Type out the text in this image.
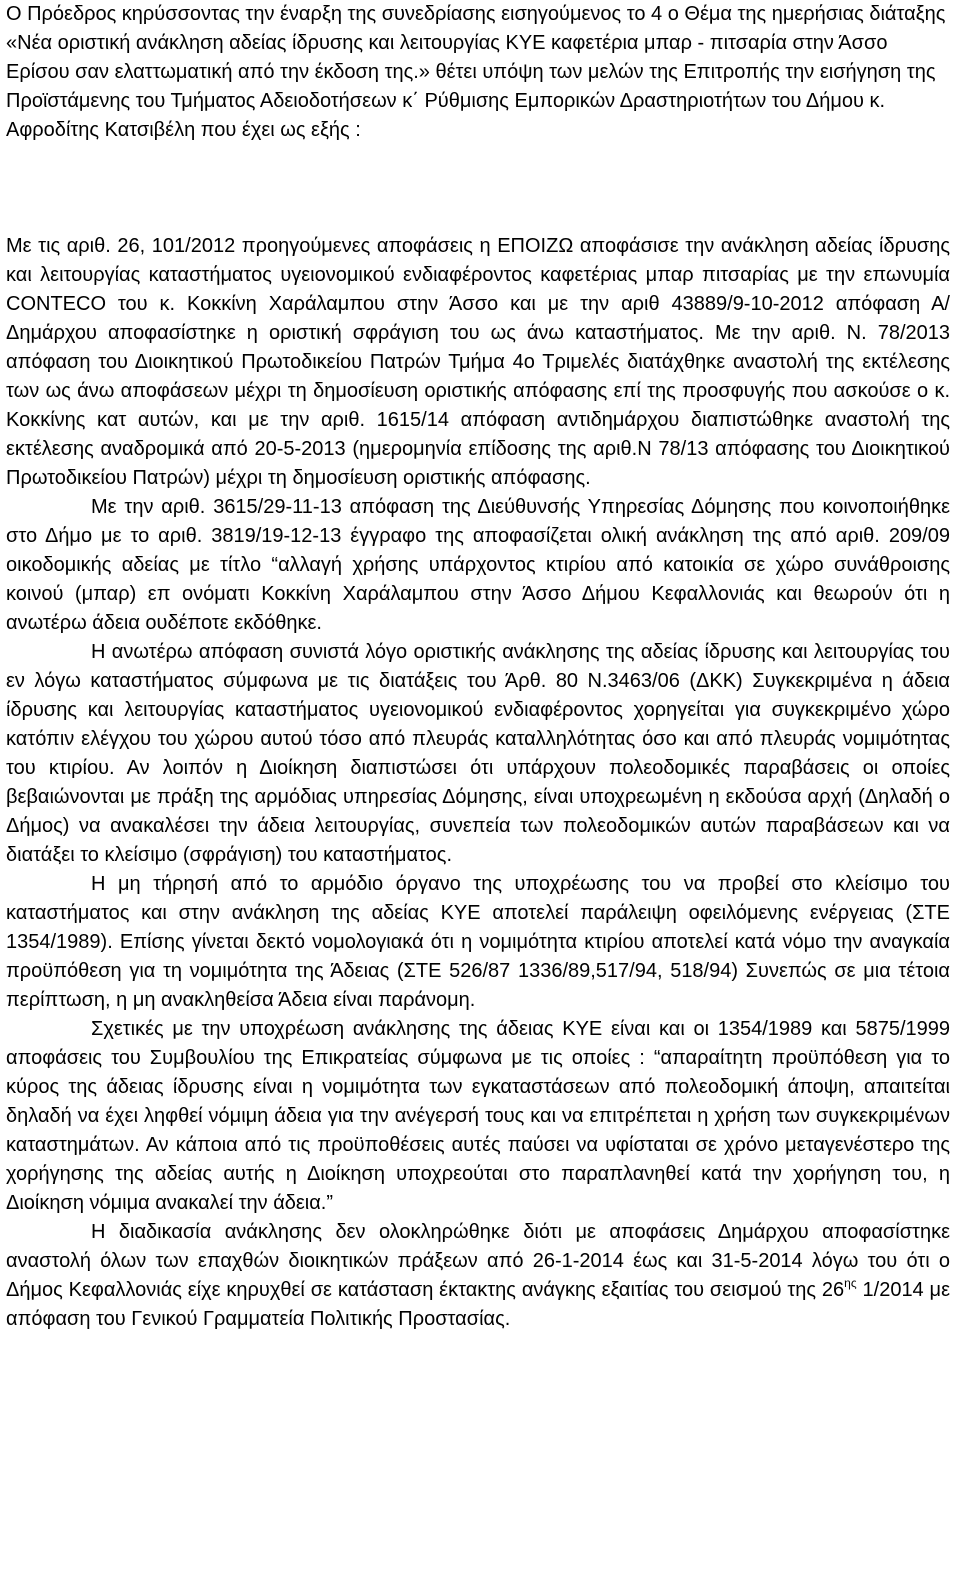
Ο Πρόεδρος κηρύσσοντας την έναρξη της συνεδρίασης εισηγούμενος το 4 ο Θέμα της ημερήσιας διάταξης «Νέα οριστική ανάκληση αδείας ίδρυσης και λειτουργίας ΚΥΕ καφετέρια μπαρ - πιτσαρία στην Άσσο Ερίσου σαν ελαττωματική από την έκδοση της.» θέτει υπόψη των μελών της Επιτροπής την εισήγηση της Προϊστάμενης του Τμήματος Αδειοδοτήσεων κ΄ Ρύθμισης Εμπορικών Δραστηριοτήτων του Δήμου κ. Αφροδίτης Κατσιβέλη που έχει ως εξής :

Με τις αριθ. 26, 101/2012 προηγούμενες αποφάσεις η ΕΠΟΙΖΩ αποφάσισε την ανάκληση αδείας ίδρυσης και λειτουργίας καταστήματος υγειονομικού ενδιαφέροντος καφετέριας μπαρ πιτσαρίας με την επωνυμία CONTECO του κ. Κοκκίνη Χαράλαμπου στην Άσσο και με την αριθ 43889/9-10-2012 απόφαση Α/ Δημάρχου αποφασίστηκε η οριστική σφράγιση του ως άνω καταστήματος. Με την αριθ. Ν. 78/2013 απόφαση του Διοικητικού Πρωτοδικείου Πατρών Τμήμα 4ο Τριμελές διατάχθηκε αναστολή της εκτέλεσης των ως άνω αποφάσεων μέχρι τη δημοσίευση οριστικής απόφασης επί της προσφυγής που ασκούσε ο κ. Κοκκίνης κατ αυτών, και με την αριθ. 1615/14 απόφαση αντιδημάρχου διαπιστώθηκε αναστολή της εκτέλεσης αναδρομικά από 20-5-2013 (ημερομηνία επίδοσης της αριθ.Ν 78/13 απόφασης του Διοικητικού Πρωτοδικείου Πατρών) μέχρι τη δημοσίευση οριστικής απόφασης.

Με την αριθ. 3615/29-11-13 απόφαση της Διεύθυνσής Υπηρεσίας Δόμησης που κοινοποιήθηκε στο Δήμο με το αριθ. 3819/19-12-13 έγγραφο της αποφασίζεται ολική ανάκληση της από αριθ. 209/09 οικοδομικής αδείας με τίτλο “αλλαγή χρήσης υπάρχοντος κτιρίου από κατοικία σε χώρο συνάθροισης κοινού (μπαρ) επ ονόματι Κοκκίνη Χαράλαμπου στην Άσσο Δήμου Κεφαλλονιάς και θεωρούν ότι η ανωτέρω άδεια ουδέποτε εκδόθηκε.

Η ανωτέρω απόφαση συνιστά λόγο οριστικής ανάκλησης της αδείας ίδρυσης και λειτουργίας του εν λόγω καταστήματος σύμφωνα με τις διατάξεις του Άρθ. 80 Ν.3463/06 (ΔΚΚ) Συγκεκριμένα η άδεια ίδρυσης και λειτουργίας καταστήματος υγειονομικού ενδιαφέροντος χορηγείται για συγκεκριμένο χώρο κατόπιν ελέγχου του χώρου αυτού τόσο από πλευράς καταλληλότητας όσο και από πλευράς νομιμότητας του κτιρίου. Αν λοιπόν η Διοίκηση διαπιστώσει ότι υπάρχουν πολεοδομικές παραβάσεις οι οποίες βεβαιώνονται με πράξη της αρμόδιας υπηρεσίας Δόμησης, είναι υποχρεωμένη η εκδούσα αρχή (Δηλαδή ο Δήμος) να ανακαλέσει την άδεια λειτουργίας, συνεπεία των πολεοδομικών αυτών παραβάσεων και να διατάξει το κλείσιμο (σφράγιση) του καταστήματος.

Η μη τήρησή από το αρμόδιο όργανο της υποχρέωσης του να προβεί στο κλείσιμο του καταστήματος και στην ανάκληση της αδείας ΚΥΕ αποτελεί παράλειψη οφειλόμενης ενέργειας (ΣΤΕ 1354/1989). Επίσης γίνεται δεκτό νομολογιακά ότι η νομιμότητα κτιρίου αποτελεί κατά νόμο την αναγκαία προϋπόθεση για τη νομιμότητα της Άδειας (ΣΤΕ 526/87 1336/89,517/94, 518/94) Συνεπώς σε μια τέτοια περίπτωση, η μη ανακληθείσα Άδεια είναι παράνομη.

Σχετικές με την υποχρέωση ανάκλησης της άδειας ΚΥΕ είναι και οι 1354/1989 και 5875/1999 αποφάσεις του Συμβουλίου της Επικρατείας σύμφωνα με τις οποίες : “απαραίτητη προϋπόθεση για το κύρος της άδειας ίδρυσης είναι η νομιμότητα των εγκαταστάσεων από πολεοδομική άποψη, απαιτείται δηλαδή να έχει ληφθεί νόμιμη άδεια για την ανέγερσή τους και να επιτρέπεται η χρήση των συγκεκριμένων καταστημάτων. Αν κάποια από τις προϋποθέσεις αυτές παύσει να υφίσταται σε χρόνο μεταγενέστερο της χορήγησης της αδείας αυτής η Διοίκηση υποχρεούται στο παραπλανηθεί κατά την χορήγηση του, η Διοίκηση νόμιμα ανακαλεί την άδεια.”

Η διαδικασία ανάκλησης δεν ολοκληρώθηκε διότι με αποφάσεις Δημάρχου αποφασίστηκε αναστολή όλων των επαχθών διοικητικών πράξεων από 26-1-2014 έως και 31-5-2014 λόγω του ότι ο Δήμος Κεφαλλονιάς είχε κηρυχθεί σε κατάσταση έκτακτης ανάγκης εξαιτίας του σεισμού της $26^{\eta\varsigma}$ 1/2014 με απόφαση του Γενικού Γραμματεία Πολιτικής Προστασίας.
